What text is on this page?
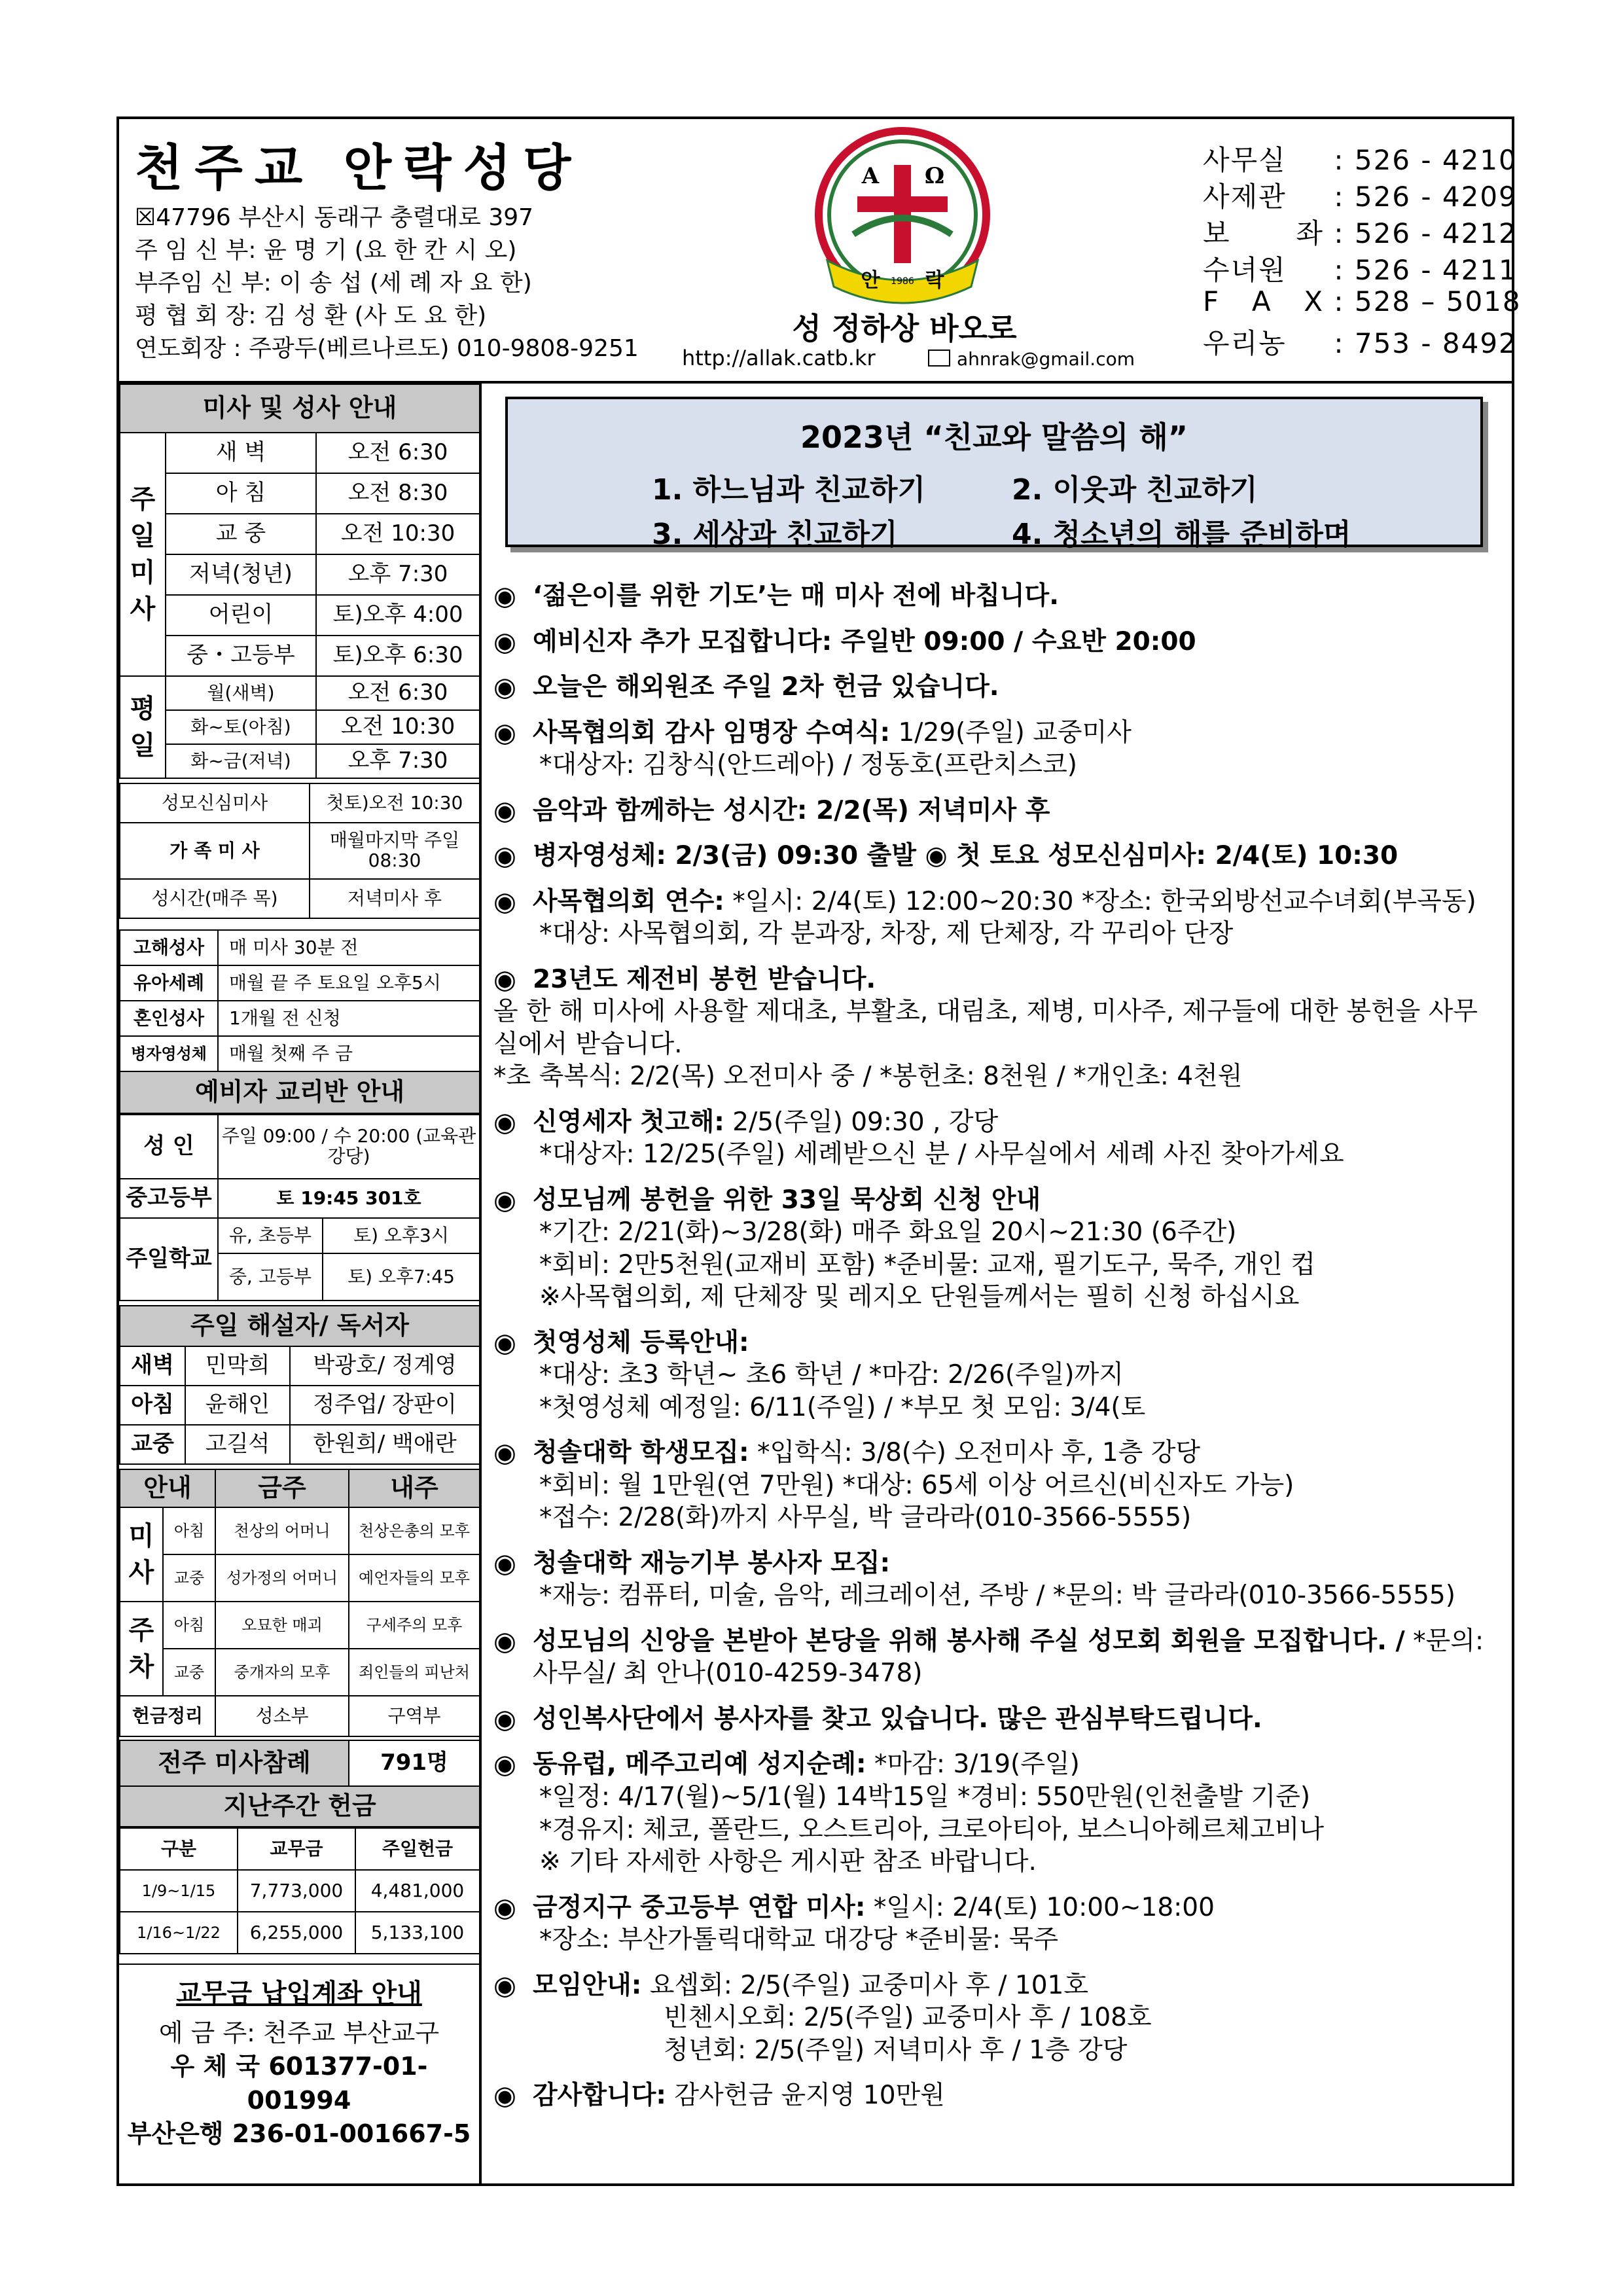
천주교 안락성당
☒47796 부산시 동래구 충렬대로 397
주 임 신 부: 윤 명 기 (요 한 칸 시 오)
부주임 신 부: 이 송 섭 (세 례 자 요 한)
평 협 회 장: 김 성 환 (사 도 요 한)
연도회장 : 주광두(베르나르도) 010-9808-9251
A Ω
안 1986 락
성 정하상 바오로
http://allak.catb.kr	ahnrak@gmail.com
사무실 : 526 - 4210
사제관 : 526 - 4209
보 좌 : 526 - 4212
수녀원 : 526 - 4211
F A X : 528 – 5018
우리농 : 753 - 8492
미사 및 성사 안내		
주
일
미
사	새 벽	오전 6:30
	아 침	오전 8:30
	교 중	오전 10:30
	저녁(청년)	오후 7:30
	어린이	토)오후 4:00
	중・고등부	토)오후 6:30
평
일	월(새벽)	오전 6:30
	화~토(아침)	오전 10:30
	화~금(저녁)	오후 7:30
성모신심미사	첫토)오전 10:30
가 족 미 사	매월마지막 주일 08:30
성시간(매주 목)	저녁미사 후
고해성사	매 미사 30분 전
유아세례	매월 끝 주 토요일 오후5시
혼인성사	1개월 전 신청
병자영성체	매월 첫째 주 금
예비자 교리반 안내	
성 인	주일 09:00 / 수 20:00 (교육관 강당)	
중고등부	토 19:45 301호	
주일학교	유, 초등부	토) 오후3시
	중, 고등부	토) 오후7:45
주일 해설자/ 독서자		
새벽	민막희	박광호/ 정계영
아침	윤해인	정주업/ 장판이
교중	고길석	한원희/ 백애란
안내		금주	내주
미
사	아침	천상의 어머니	천상은총의 모후
	교중	성가정의 어머니	예언자들의 모후
주
차	아침	오묘한 매괴	구세주의 모후
	교중	중개자의 모후	죄인들의 피난처
헌금정리		성소부	구역부
전주 미사참례	791명
지난주간 헌금
구분	교무금	주일헌금
1/9~1/15	7,773,000	4,481,000
1/16~1/22	6,255,000	5,133,100
교무금 납입계좌 안내
예 금 주: 천주교 부산교구
우 체 국 601377-01-001994
부산은행 236-01-001667-5
2023년 “친교와 말씀의 해”
1. 하느님과 친교하기	2. 이웃과 친교하기
3. 세상과 친교하기	4. 청소년의 해를 준비하며
◉ ‘젊은이를 위한 기도’는 매 미사 전에 바칩니다.
◉ 예비신자 추가 모집합니다: 주일반 09:00 / 수요반 20:00
◉ 오늘은 해외원조 주일 2차 헌금 있습니다.
◉ 사목협의회 감사 임명장 수여식: 1/29(주일) 교중미사
*대상자: 김창식(안드레아) / 정동호(프란치스코)
◉ 음악과 함께하는 성시간: 2/2(목) 저녁미사 후
◉ 병자영성체: 2/3(금) 09:30 출발 ◉ 첫 토요 성모신심미사: 2/4(토) 10:30
◉ 사목협의회 연수: *일시: 2/4(토) 12:00~20:30 *장소: 한국외방선교수녀회(부곡동)
*대상: 사목협의회, 각 분과장, 차장, 제 단체장, 각 꾸리아 단장
◉ 23년도 제전비 봉헌 받습니다.
올 한 해 미사에 사용할 제대초, 부활초, 대림초, 제병, 미사주, 제구들에 대한 봉헌을 사무실에서 받습니다.
*초 축복식: 2/2(목) 오전미사 중 / *봉헌초: 8천원 / *개인초: 4천원
◉ 신영세자 첫고해: 2/5(주일) 09:30 , 강당
*대상자: 12/25(주일) 세례받으신 분 / 사무실에서 세례 사진 찾아가세요
◉ 성모님께 봉헌을 위한 33일 묵상회 신청 안내
*기간: 2/21(화)~3/28(화) 매주 화요일 20시~21:30 (6주간)
*회비: 2만5천원(교재비 포함) *준비물: 교재, 필기도구, 묵주, 개인 컵
※사목협의회, 제 단체장 및 레지오 단원들께서는 필히 신청 하십시요
◉ 첫영성체 등록안내:
*대상: 초3 학년~ 초6 학년 / *마감: 2/26(주일)까지
*첫영성체 예정일: 6/11(주일) / *부모 첫 모임: 3/4(토
◉ 청솔대학 학생모집: *입학식: 3/8(수) 오전미사 후, 1층 강당
*회비: 월 1만원(연 7만원) *대상: 65세 이상 어르신(비신자도 가능)
*접수: 2/28(화)까지 사무실, 박 글라라(010-3566-5555)
◉ 청솔대학 재능기부 봉사자 모집:
*재능: 컴퓨터, 미술, 음악, 레크레이션, 주방 / *문의: 박 글라라(010-3566-5555)
◉ 성모님의 신앙을 본받아 본당을 위해 봉사해 주실 성모회 회원을 모집합니다. / *문의: 사무실/ 최 안나(010-4259-3478)
◉ 성인복사단에서 봉사자를 찾고 있습니다. 많은 관심부탁드립니다.
◉ 동유럽, 메주고리예 성지순례: *마감: 3/19(주일)
*일정: 4/17(월)~5/1(월) 14박15일 *경비: 550만원(인천출발 기준)
*경유지: 체코, 폴란드, 오스트리아, 크로아티아, 보스니아헤르체고비나
※ 기타 자세한 사항은 게시판 참조 바랍니다.
◉ 금정지구 중고등부 연합 미사: *일시: 2/4(토) 10:00~18:00
*장소: 부산가톨릭대학교 대강당 *준비물: 묵주
◉ 모임안내: 요셉회: 2/5(주일) 교중미사 후 / 101호
빈첸시오회: 2/5(주일) 교중미사 후 / 108호
청년회: 2/5(주일) 저녁미사 후 / 1층 강당
◉ 감사합니다: 감사헌금 윤지영 10만원
